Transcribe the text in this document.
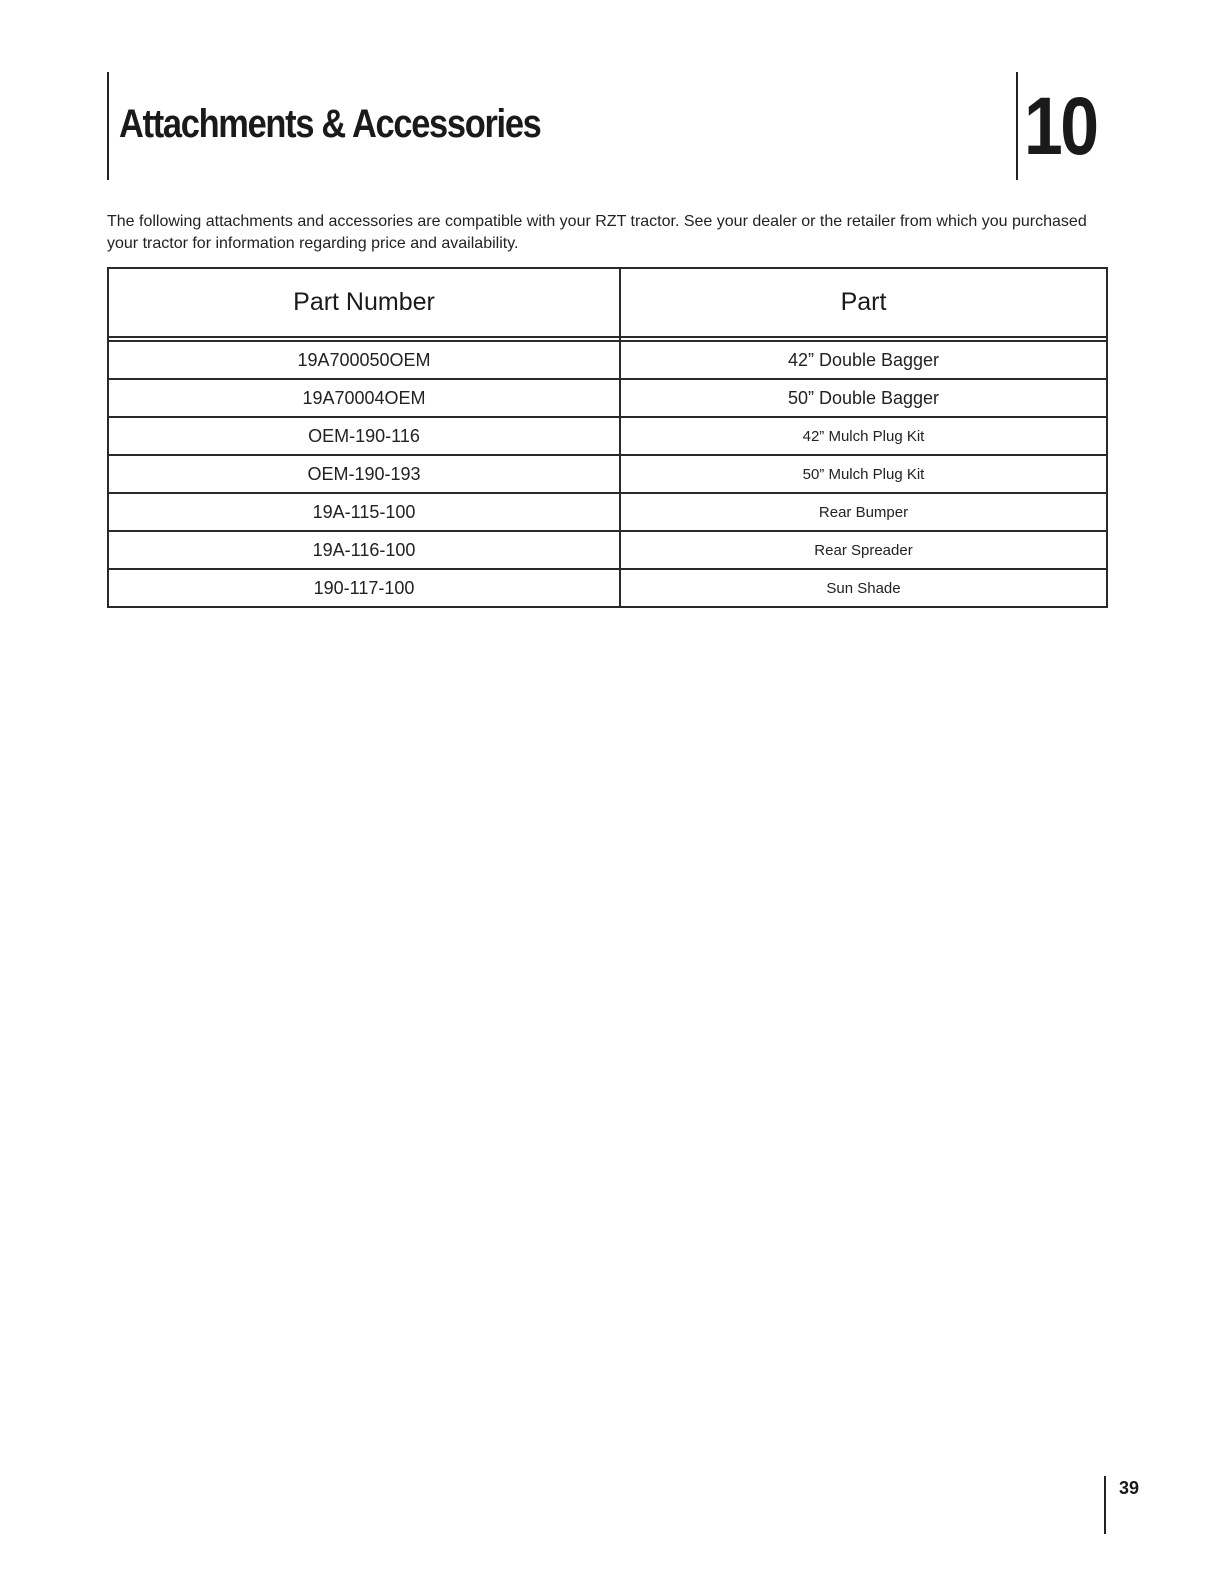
Attachments & Accessories	10

The following attachments and accessories are compatible with your RZT tractor. See your dealer or the retailer from which you purchased your tractor for information regarding price and availability.

Part Number	Part

19A700050OEM	42” Double Bagger
19A70004OEM	50” Double Bagger
OEM-190-116	42” Mulch Plug Kit
OEM-190-193	50” Mulch Plug Kit
19A-115-100	Rear Bumper
19A-116-100	Rear Spreader
190-117-100	Sun Shade
39
